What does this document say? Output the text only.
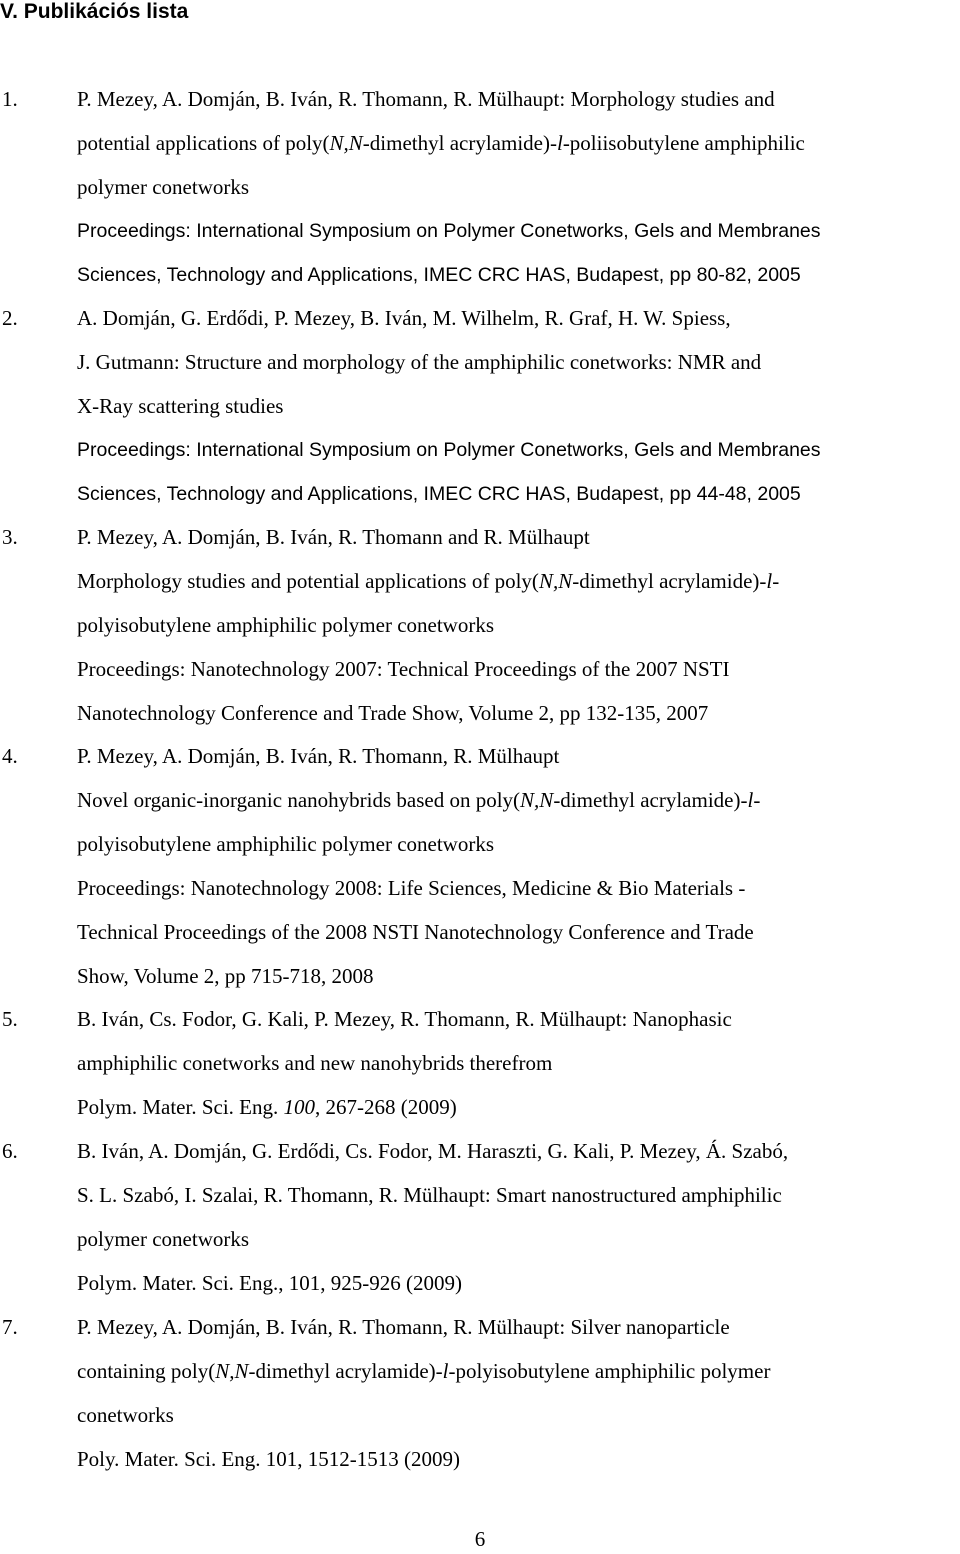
V. Publikációs lista
1.	P. Mezey, A. Domján, B. Iván, R. Thomann, R. Mülhaupt: Morphology studies and
potential applications of poly(N,N-dimethyl acrylamide)-l-poliisobutylene amphiphilic
polymer conetworks
Proceedings: International Symposium on Polymer Conetworks, Gels and Membranes
Sciences, Technology and Applications, IMEC CRC HAS, Budapest, pp 80-82, 2005
2.	A. Domján, G. Erdődi, P. Mezey, B. Iván, M. Wilhelm, R. Graf, H. W. Spiess,
J. Gutmann: Structure and morphology of the amphiphilic conetworks: NMR and
X-Ray scattering studies
Proceedings: International Symposium on Polymer Conetworks, Gels and Membranes
Sciences, Technology and Applications, IMEC CRC HAS, Budapest, pp 44-48, 2005
3.	P. Mezey, A. Domján, B. Iván, R. Thomann and R. Mülhaupt
Morphology studies and potential applications of poly(N,N-dimethyl acrylamide)-l-
polyisobutylene amphiphilic polymer conetworks
Proceedings: Nanotechnology 2007: Technical Proceedings of the 2007 NSTI
Nanotechnology Conference and Trade Show, Volume 2, pp 132-135, 2007
4.	P. Mezey, A. Domján, B. Iván, R. Thomann, R. Mülhaupt
Novel organic-inorganic nanohybrids based on poly(N,N-dimethyl acrylamide)-l-
polyisobutylene amphiphilic polymer conetworks
Proceedings: Nanotechnology 2008: Life Sciences, Medicine & Bio Materials -
Technical Proceedings of the 2008 NSTI Nanotechnology Conference and Trade
Show, Volume 2, pp 715-718, 2008
5.	B. Iván, Cs. Fodor, G. Kali, P. Mezey, R. Thomann, R. Mülhaupt: Nanophasic
amphiphilic conetworks and new nanohybrids therefrom
Polym. Mater. Sci. Eng. 100, 267-268 (2009)
6.	B. Iván, A. Domján, G. Erdődi, Cs. Fodor, M. Haraszti, G. Kali, P. Mezey, Á. Szabó,
S. L. Szabó, I. Szalai, R. Thomann, R. Mülhaupt: Smart nanostructured amphiphilic
polymer conetworks
Polym. Mater. Sci. Eng., 101, 925-926 (2009)
7.	P. Mezey, A. Domján, B. Iván, R. Thomann, R. Mülhaupt: Silver nanoparticle
containing poly(N,N-dimethyl acrylamide)-l-polyisobutylene amphiphilic polymer
conetworks
Poly. Mater. Sci. Eng. 101, 1512-1513 (2009)
6
